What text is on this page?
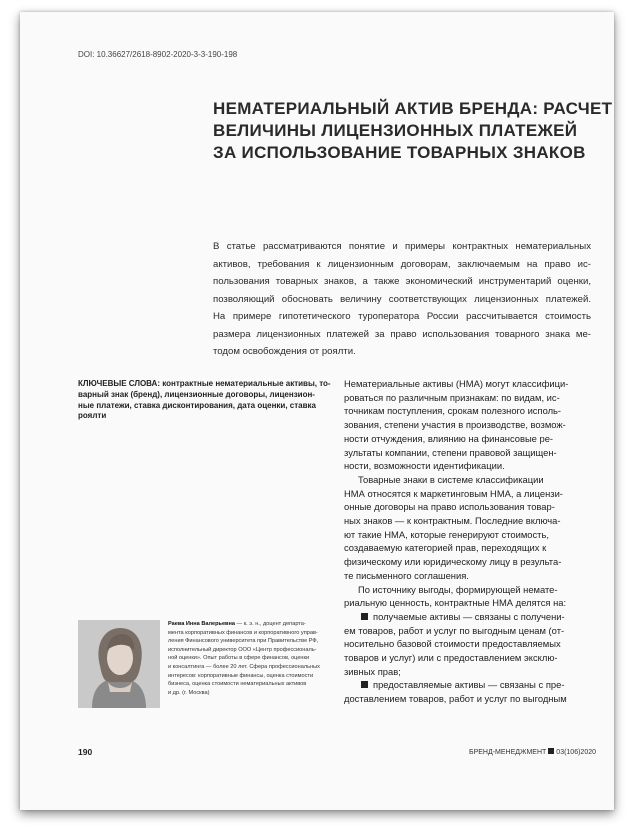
DOI: 10.36627/2618-8902-2020-3-3-190-198
НЕМАТЕРИАЛЬНЫЙ АКТИВ БРЕНДА: РАСЧЕТ
ВЕЛИЧИНЫ ЛИЦЕНЗИОННЫХ ПЛАТЕЖЕЙ
ЗА ИСПОЛЬЗОВАНИЕ ТОВАРНЫХ ЗНАКОВ
В статье рассматриваются понятие и примеры контрактных нематериальных
активов, требования к лицензионным договорам, заключаемым на право ис-
пользования товарных знаков, а также экономический инструментарий оценки,
позволяющий обосновать величину соответствующих лицензионных платежей.
На примере гипотетического туроператора России рассчитывается стоимость
размера лицензионных платежей за право использования товарного знака ме-
тодом освобождения от роялти.
КЛЮЧЕВЫЕ СЛОВА: контрактные нематериальные активы, то-
варный знак (бренд), лицензионные договоры, лицензион-
ные платежи, ставка дисконтирования, дата оценки, ставка
роялти
Нематериальные активы (НМА) могут классифици-
роваться по различным признакам: по видам, ис-
точникам поступления, срокам полезного исполь-
зования, степени участия в производстве, возмож-
ности отчуждения, влиянию на финансовые ре-
зультаты компании, степени правовой защищен-
ности, возможности идентификации.
Товарные знаки в системе классификации
НМА относятся к маркетинговым НМА, а лицензи-
онные договоры на право использования товар-
ных знаков — к контрактным. Последние включа-
ют такие НМА, которые генерируют стоимость,
создаваемую категорией прав, переходящих к
физическому или юридическому лицу в результа-
те письменного соглашения.
По источнику выгоды, формирующей немате-
риальную ценность, контрактные НМА делятся на:
получаемые активы — связаны с получени-
ем товаров, работ и услуг по выгодным ценам (от-
носительно базовой стоимости предоставляемых
товаров и услуг) или с предоставлением эксклю-
зивных прав;
предоставляемые активы — связаны с пре-
доставлением товаров, работ и услуг по выгодным
Раева Инна Валерьевна — к. э. н., доцент департа-
мента корпоративных финансов и корпоративного управ-
ления Финансового университета при Правительстве РФ,
исполнительный директор ООО «Центр профессиональ-
ной оценки». Опыт работы в сфере финансов, оценки
и консалтинга — более 20 лет. Сфера профессиональных
интересов: корпоративные финансы, оценка стоимости
бизнеса, оценка стоимости нематериальных активов
и др. (г. Москва)
190	БРЕНД-МЕНЕДЖМЕНТ 03(106)2020
